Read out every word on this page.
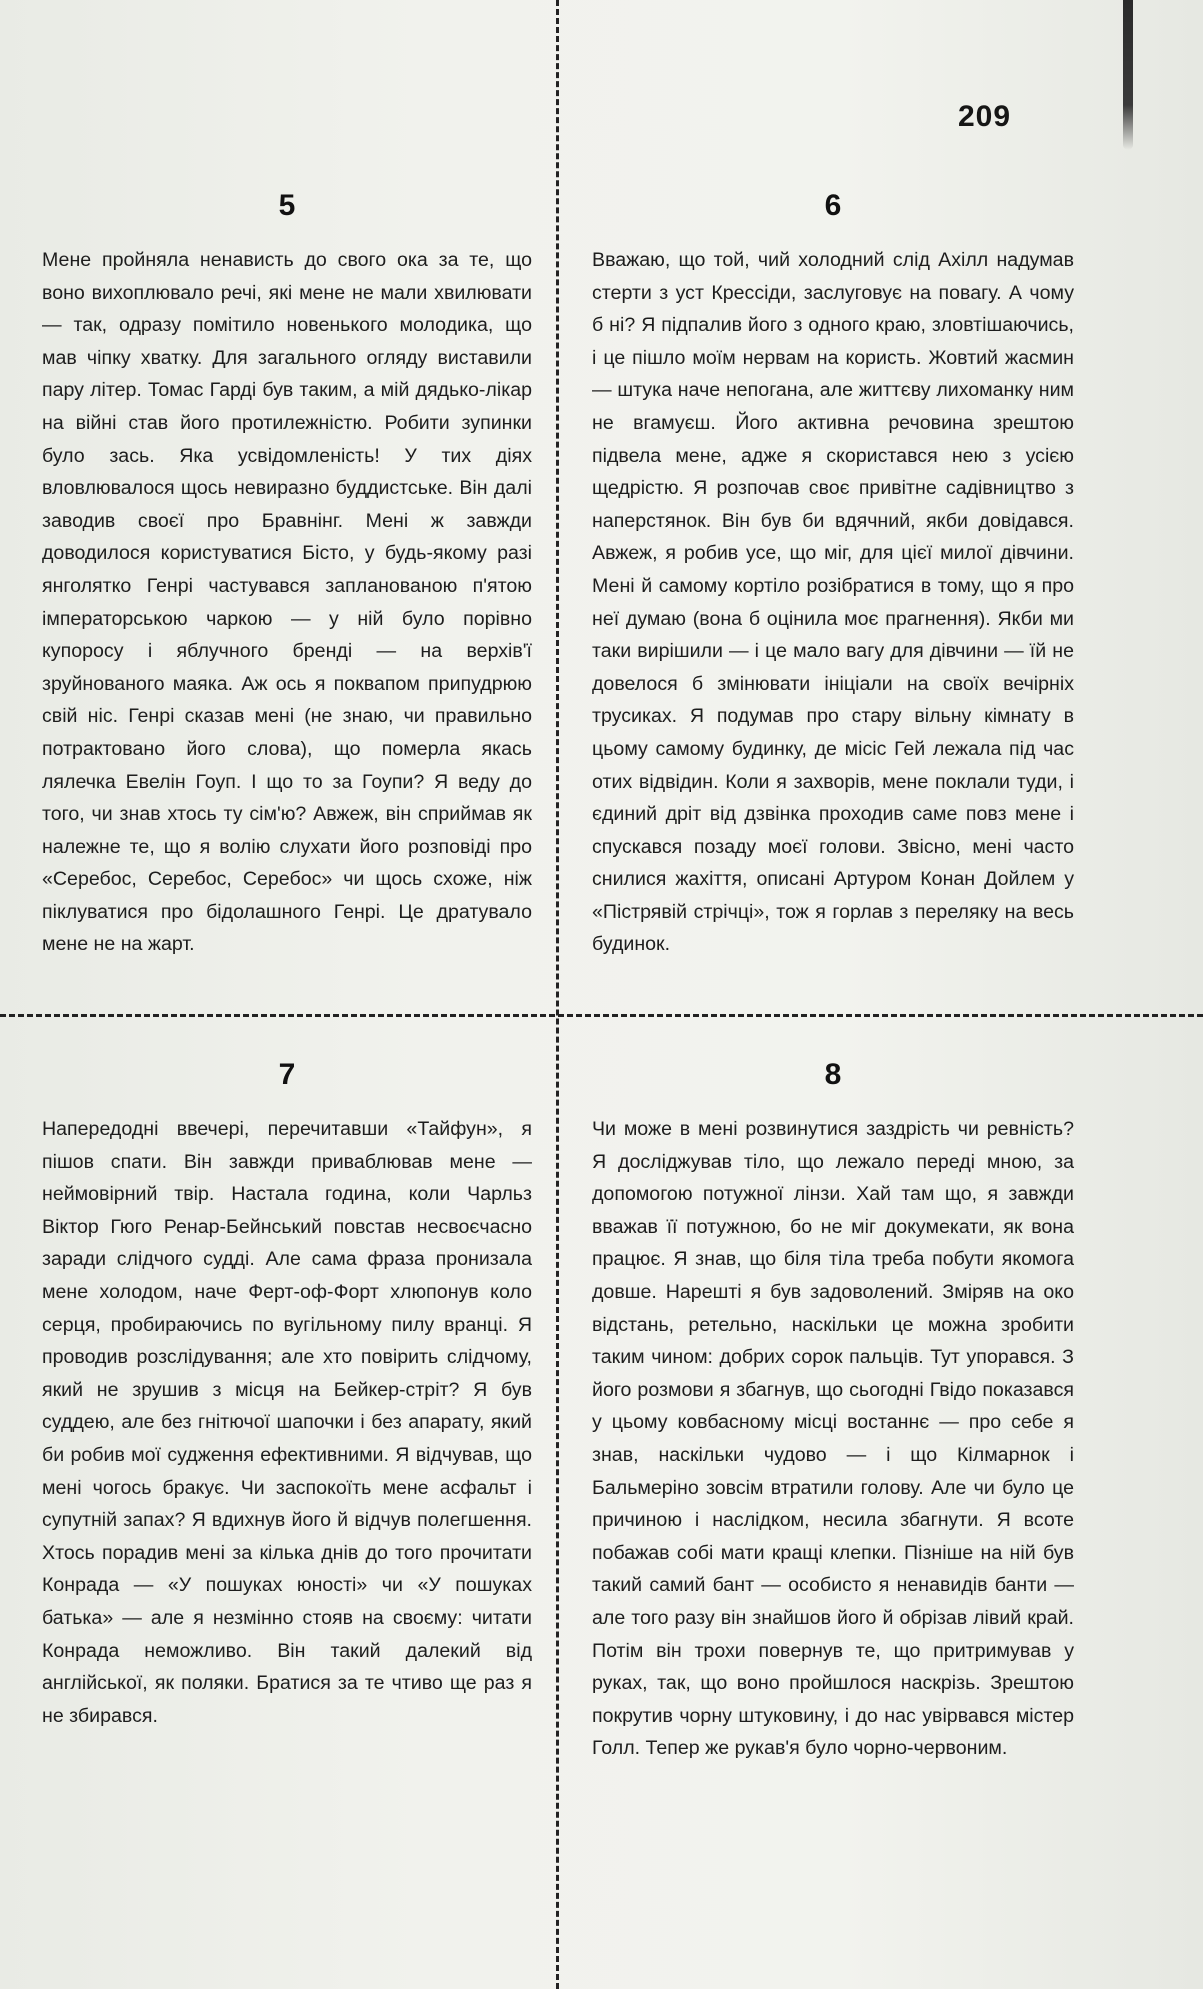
209
5
Мене пройняла ненависть до свого ока за те, що воно вихоплювало речі, які мене не мали хвилювати — так, одразу помітило новенького молодика, що мав чіпку хватку. Для загального огляду виставили пару літер. Томас Гарді був таким, а мій дядько-лікар на війні став його протилежністю. Робити зупинки було зась. Яка усвідомленість! У тих діях вловлювалося щось невиразно буддистське. Він далі заводив своєї про Бравнінг. Мені ж завжди доводилося користуватися Бісто, у будь-якому разі янголятко Генрі частувався запланованою п'ятою імператорською чаркою — у ній було порівно купоросу і яблучного бренді — на верхів'ї зруйнованого маяка. Аж ось я поквапом припудрюю свій ніс. Генрі сказав мені (не знаю, чи правильно потрактовано його слова), що померла якась лялечка Евелін Гоуп. І що то за Гоупи? Я веду до того, чи знав хтось ту сім'ю? Авжеж, він сприймав як належне те, що я волію слухати його розповіді про «Серебос, Серебос, Серебос» чи щось схоже, ніж піклуватися про бідолашного Генрі. Це дратувало мене не на жарт.
6
Вважаю, що той, чий холодний слід Ахілл надумав стерти з уст Крессіди, заслуговує на повагу. А чому б ні? Я підпалив його з одного краю, зловтішаючись, і це пішло моїм нервам на користь. Жовтий жасмин — штука наче непогана, але життєву лихоманку ним не вгамуєш. Його активна речовина зрештою підвела мене, адже я скористався нею з усією щедрістю. Я розпочав своє привітне садівництво з наперстянок. Він був би вдячний, якби довідався. Авжеж, я робив усе, що міг, для цієї милої дівчини. Мені й самому кортіло розібратися в тому, що я про неї думаю (вона б оцінила моє прагнення). Якби ми таки вирішили — і це мало вагу для дівчини — їй не довелося б змінювати ініціали на своїх вечірніх трусиках. Я подумав про стару вільну кімнату в цьому самому будинку, де місіс Гей лежала під час отих відвідин. Коли я захворів, мене поклали туди, і єдиний дріт від дзвінка проходив саме повз мене і спускався позаду моєї голови. Звісно, мені часто снилися жахіття, описані Артуром Конан Дойлем у «Пістрявій стрічці», тож я горлав з переляку на весь будинок.
7
Напередодні ввечері, перечитавши «Тайфун», я пішов спати. Він завжди приваблював мене — неймовірний твір. Настала година, коли Чарльз Віктор Гюго Ренар-Бейнський повстав несвоєчасно заради слідчого судді. Але сама фраза пронизала мене холодом, наче Ферт-оф-Форт хлюпонув коло серця, пробираючись по вугільному пилу вранці. Я проводив розслідування; але хто повірить слідчому, який не зрушив з місця на Бейкер-стріт? Я був суддею, але без гнітючої шапочки і без апарату, який би робив мої судження ефективними. Я відчував, що мені чогось бракує. Чи заспокоїть мене асфальт і супутній запах? Я вдихнув його й відчув полегшення. Хтось порадив мені за кілька днів до того прочитати Конрада — «У пошуках юності» чи «У пошуках батька» — але я незмінно стояв на своєму: читати Конрада неможливо. Він такий далекий від англійської, як поляки. Братися за те чтиво ще раз я не збирався.
8
Чи може в мені розвинутися заздрість чи ревність? Я досліджував тіло, що лежало переді мною, за допомогою потужної лінзи. Хай там що, я завжди вважав її потужною, бо не міг докумекати, як вона працює. Я знав, що біля тіла треба побути якомога довше. Нарешті я був задоволений. Зміряв на око відстань, ретельно, наскільки це можна зробити таким чином: добрих сорок пальців. Тут упорався. З його розмови я збагнув, що сьогодні Гвідо показався у цьому ковбасному місці востаннє — про себе я знав, наскільки чудово — і що Кілмарнок і Бальмеріно зовсім втратили голову. Але чи було це причиною і наслідком, несила збагнути. Я всоте побажав собі мати кращі клепки. Пізніше на ній був такий самий бант — особисто я ненавидів банти — але того разу він знайшов його й обрізав лівий край. Потім він трохи повернув те, що притримував у руках, так, що воно пройшлося наскрізь. Зрештою покрутив чорну штуковину, і до нас увірвався містер Голл. Тепер же рукав'я було чорно-червоним.
